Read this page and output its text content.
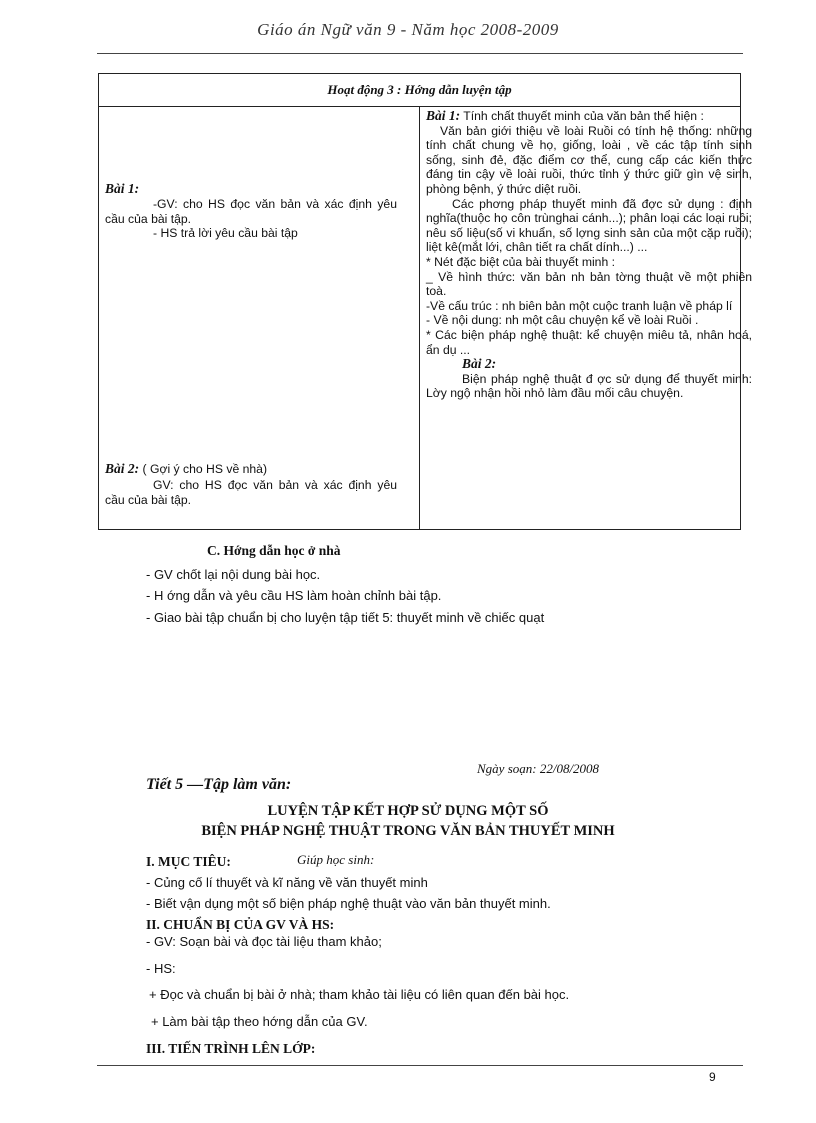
Giáo án Ngữ văn 9 - Năm học 2008-2009
Hoạt động 3 : Hớng dẫn luyện tập

Bài 1:
-GV: cho HS đọc văn bản và xác định yêu cầu của bài tập.
- HS trả lời yêu cầu bài tập
Bài 2: ( Gợi ý cho HS về nhà)
GV: cho HS đọc văn bản và xác định yêu cầu của bài tập.

Bài 1: Tính chất thuyết minh của văn bản thể hiện :
Văn bản giới thiệu về loài Ruồi có tính hệ thống: những tính chất chung về họ, giống, loài , về các tập tính sinh sống, sinh đẻ, đặc điểm cơ thể, cung cấp các kiến thức đáng tin cậy về loài ruồi, thức tỉnh ý thức giữ gìn vệ sinh, phòng bệnh, ý thức diệt ruồi.
Các phơng pháp thuyết minh đã đợc sử dụng : định nghĩa(thuộc họ côn trùnghai cánh...); phân loại các loại ruồi; nêu số liệu(số vi khuẩn, số lợng sinh sản của một cặp ruồi); liệt kê(mắt lới, chân tiết ra chất dính...) ...
* Nét đặc biệt của bài thuyết minh :
_ Về hình thức: văn bản nh bản tờng thuật về một phiên toà.
-Về cấu trúc : nh biên bản một cuộc tranh luận về pháp lí
- Về nội dung: nh một câu chuyện kể về loài Ruồi .
* Các biện pháp nghệ thuật: kể chuyện miêu tả, nhân hoá, ẩn dụ ...
Bài 2:
Biện pháp nghệ thuật đ ợc sử dụng để thuyết minh: Lờy ngộ nhận hồi nhỏ làm đầu mối câu chuyện.
C. Hớng dẫn học ở nhà
- GV chốt lại nội dung bài học.
- H ớng dẫn và yêu cầu HS làm hoàn chỉnh bài tập.
- Giao bài tập chuẩn bị cho luyện tập tiết 5: thuyết minh về chiếc quạt
Ngày soạn: 22/08/2008
Tiết 5 —Tập làm văn:
LUYỆN TẬP KẾT HỢP SỬ DỤNG MỘT SỐ
BIỆN PHÁP NGHỆ THUẬT TRONG VĂN BẢN THUYẾT MINH
I. MỤC TIÊU:	Giúp học sinh:
- Củng cố lí thuyết và kĩ năng về văn thuyết minh
- Biết vận dụng một số biện pháp nghệ thuật vào văn bản thuyết minh.
II. CHUẨN BỊ CỦA GV VÀ HS:
- GV: Soạn bài và đọc tài liệu tham khảo;
- HS:
+ Đọc và chuẩn bị bài ở nhà; tham khảo tài liệu có liên quan đến bài học.
+ Làm bài tập theo hớng dẫn của GV.
III. TIẾN TRÌNH LÊN LỚP:
9
